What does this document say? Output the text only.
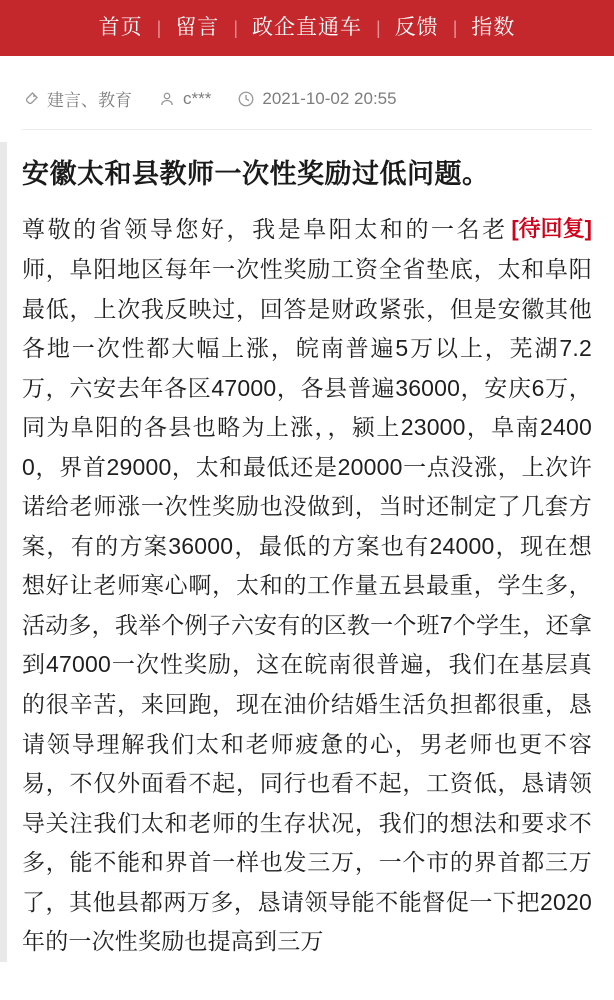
首页 | 留言 | 政企直通车 | 反馈 | 指数
建言、教育	c***	2021-10-02 20:55
安徽太和县教师一次性奖励过低问题。
[待回复]

尊敬的省领导您好，我是阜阳太和的一名老师，阜阳地区每年一次性奖励工资全省垫底，太和阜阳最低，上次我反映过，回答是财政紧张，但是安徽其他各地一次性都大幅上涨，皖南普遍5万以上，芜湖7.2万，六安去年各区47000，各县普遍36000，安庆6万，同为阜阳的各县也略为上涨，，颍上23000，阜南24000，界首29000，太和最低还是20000一点没涨，上次许诺给老师涨一次性奖励也没做到，当时还制定了几套方案，有的方案36000，最低的方案也有24000，现在想想好让老师寒心啊，太和的工作量五县最重，学生多，活动多，我举个例子六安有的区教一个班7个学生，还拿到47000一次性奖励，这在皖南很普遍，我们在基层真的很辛苦，来回跑，现在油价结婚生活负担都很重，恳请领导理解我们太和老师疲惫的心，男老师也更不容易，不仅外面看不起，同行也看不起，工资低，恳请领导关注我们太和老师的生存状况，我们的想法和要求不多，能不能和界首一样也发三万，一个市的界首都三万了，其他县都两万多，恳请领导能不能督促一下把2020年的一次性奖励也提高到三万
